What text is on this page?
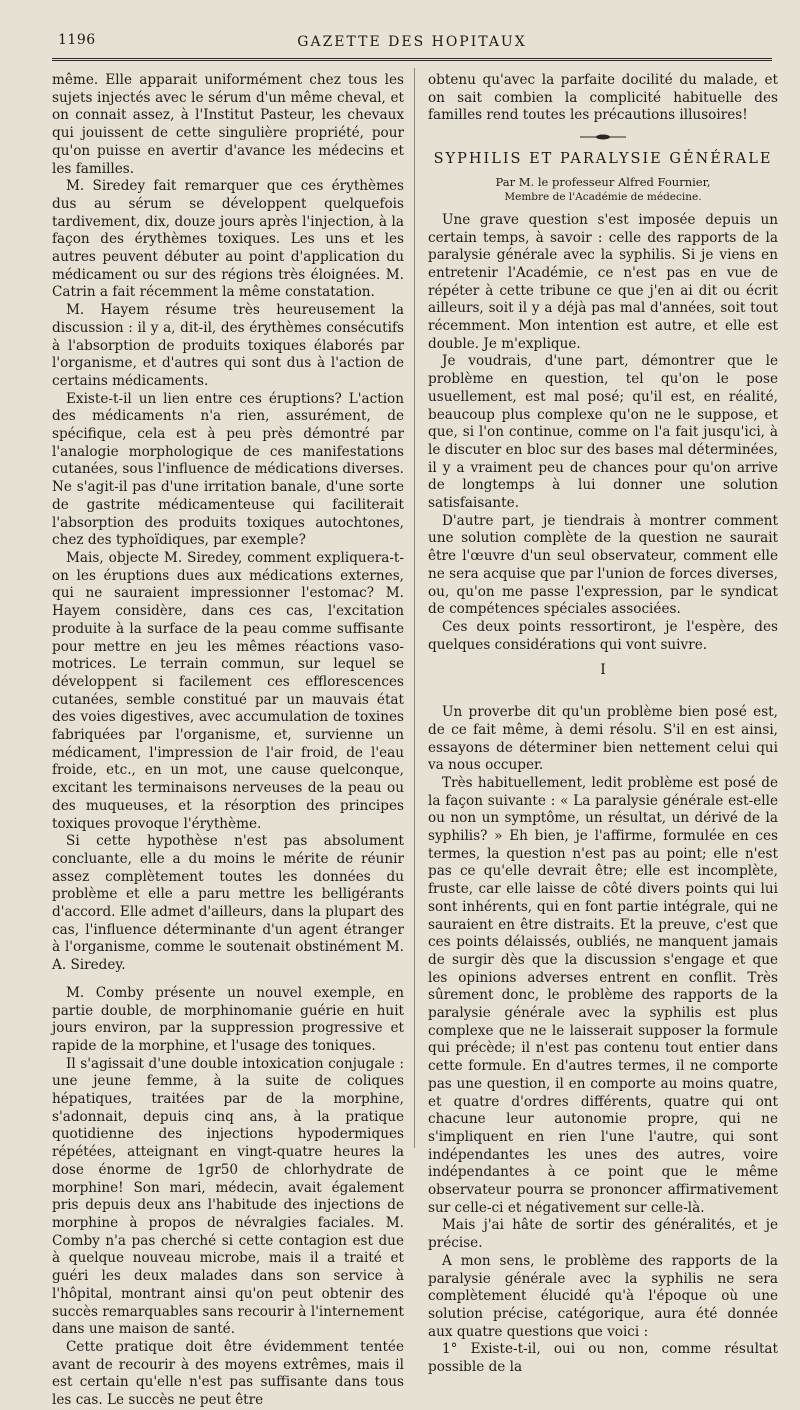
1196	GAZETTE DES HOPITAUX

même. Elle apparait uniformément chez tous les sujets injectés avec le sérum d'un même cheval, et on connait assez, à l'Institut Pasteur, les chevaux qui jouissent de cette singulière propriété, pour qu'on puisse en avertir d'avance les médecins et les familles.

M. Siredey fait remarquer que ces érythèmes dus au sérum se développent quelquefois tardivement, dix, douze jours après l'injection, à la façon des érythèmes toxiques. Les uns et les autres peuvent débuter au point d'application du médicament ou sur des régions très éloignées. M. Catrin a fait récemment la même constatation.

M. Hayem résume très heureusement la discussion : il y a, dit-il, des érythèmes consécutifs à l'absorption de produits toxiques élaborés par l'organisme, et d'autres qui sont dus à l'action de certains médicaments.

Existe-t-il un lien entre ces éruptions? L'action des médicaments n'a rien, assurément, de spécifique, cela est à peu près démontré par l'analogie morphologique de ces manifestations cutanées, sous l'influence de médications diverses. Ne s'agit-il pas d'une irritation banale, d'une sorte de gastrite médicamenteuse qui faciliterait l'absorption des produits toxiques autochtones, chez des typhoïdiques, par exemple?

Mais, objecte M. Siredey, comment expliquera-t-on les éruptions dues aux médications externes, qui ne sauraient impressionner l'estomac? M. Hayem considère, dans ces cas, l'excitation produite à la surface de la peau comme suffisante pour mettre en jeu les mêmes réactions vaso-motrices. Le terrain commun, sur lequel se développent si facilement ces efflorescences cutanées, semble constitué par un mauvais état des voies digestives, avec accumulation de toxines fabriquées par l'organisme, et, survienne un médicament, l'impression de l'air froid, de l'eau froide, etc., en un mot, une cause quelconque, excitant les terminaisons nerveuses de la peau ou des muqueuses, et la résorption des principes toxiques provoque l'érythème.

Si cette hypothèse n'est pas absolument concluante, elle a du moins le mérite de réunir assez complètement toutes les données du problème et elle a paru mettre les belligérants d'accord. Elle admet d'ailleurs, dans la plupart des cas, l'influence déterminante d'un agent étranger à l'organisme, comme le soutenait obstinément M. A. Siredey.

M. Comby présente un nouvel exemple, en partie double, de morphinomanie guérie en huit jours environ, par la suppression progressive et rapide de la morphine, et l'usage des toniques.

Il s'agissait d'une double intoxication conjugale : une jeune femme, à la suite de coliques hépatiques, traitées par de la morphine, s'adonnait, depuis cinq ans, à la pratique quotidienne des injections hypodermiques répétées, atteignant en vingt-quatre heures la dose énorme de 1gr50 de chlorhydrate de morphine! Son mari, médecin, avait également pris depuis deux ans l'habitude des injections de morphine à propos de névralgies faciales. M. Comby n'a pas cherché si cette contagion est due à quelque nouveau microbe, mais il a traité et guéri les deux malades dans son service à l'hôpital, montrant ainsi qu'on peut obtenir des succès remarquables sans recourir à l'internement dans une maison de santé.

Cette pratique doit être évidemment tentée avant de recourir à des moyens extrêmes, mais il est certain qu'elle n'est pas suffisante dans tous les cas. Le succès ne peut être

obtenu qu'avec la parfaite docilité du malade, et on sait combien la complicité habituelle des familles rend toutes les précautions illusoires!

SYPHILIS ET PARALYSIE GÉNÉRALE
Par M. le professeur Alfred Fournier,
Membre de l'Académie de médecine.

Une grave question s'est imposée depuis un certain temps, à savoir : celle des rapports de la paralysie générale avec la syphilis. Si je viens en entretenir l'Académie, ce n'est pas en vue de répéter à cette tribune ce que j'en ai dit ou écrit ailleurs, soit il y a déjà pas mal d'années, soit tout récemment. Mon intention est autre, et elle est double. Je m'explique.

Je voudrais, d'une part, démontrer que le problème en question, tel qu'on le pose usuellement, est mal posé; qu'il est, en réalité, beaucoup plus complexe qu'on ne le suppose, et que, si l'on continue, comme on l'a fait jusqu'ici, à le discuter en bloc sur des bases mal déterminées, il y a vraiment peu de chances pour qu'on arrive de longtemps à lui donner une solution satisfaisante.

D'autre part, je tiendrais à montrer comment une solution complète de la question ne saurait être l'œuvre d'un seul observateur, comment elle ne sera acquise que par l'union de forces diverses, ou, qu'on me passe l'expression, par le syndicat de compétences spéciales associées.

Ces deux points ressortiront, je l'espère, des quelques considérations qui vont suivre.

I

Un proverbe dit qu'un problème bien posé est, de ce fait même, à demi résolu. S'il en est ainsi, essayons de déterminer bien nettement celui qui va nous occuper.

Très habituellement, ledit problème est posé de la façon suivante : « La paralysie générale est-elle ou non un symptôme, un résultat, un dérivé de la syphilis? » Eh bien, je l'affirme, formulée en ces termes, la question n'est pas au point; elle n'est pas ce qu'elle devrait être; elle est incomplète, fruste, car elle laisse de côté divers points qui lui sont inhérents, qui en font partie intégrale, qui ne sauraient en être distraits. Et la preuve, c'est que ces points délaissés, oubliés, ne manquent jamais de surgir dès que la discussion s'engage et que les opinions adverses entrent en conflit. Très sûrement donc, le problème des rapports de la paralysie générale avec la syphilis est plus complexe que ne le laisserait supposer la formule qui précède; il n'est pas contenu tout entier dans cette formule. En d'autres termes, il ne comporte pas une question, il en comporte au moins quatre, et quatre d'ordres différents, quatre qui ont chacune leur autonomie propre, qui ne s'impliquent en rien l'une l'autre, qui sont indépendantes les unes des autres, voire indépendantes à ce point que le même observateur pourra se prononcer affirmativement sur celle-ci et négativement sur celle-là.

Mais j'ai hâte de sortir des généralités, et je précise.

A mon sens, le problème des rapports de la paralysie générale avec la syphilis ne sera complètement élucidé qu'à l'époque où une solution précise, catégorique, aura été donnée aux quatre questions que voici :

1° Existe-t-il, oui ou non, comme résultat possible de la
